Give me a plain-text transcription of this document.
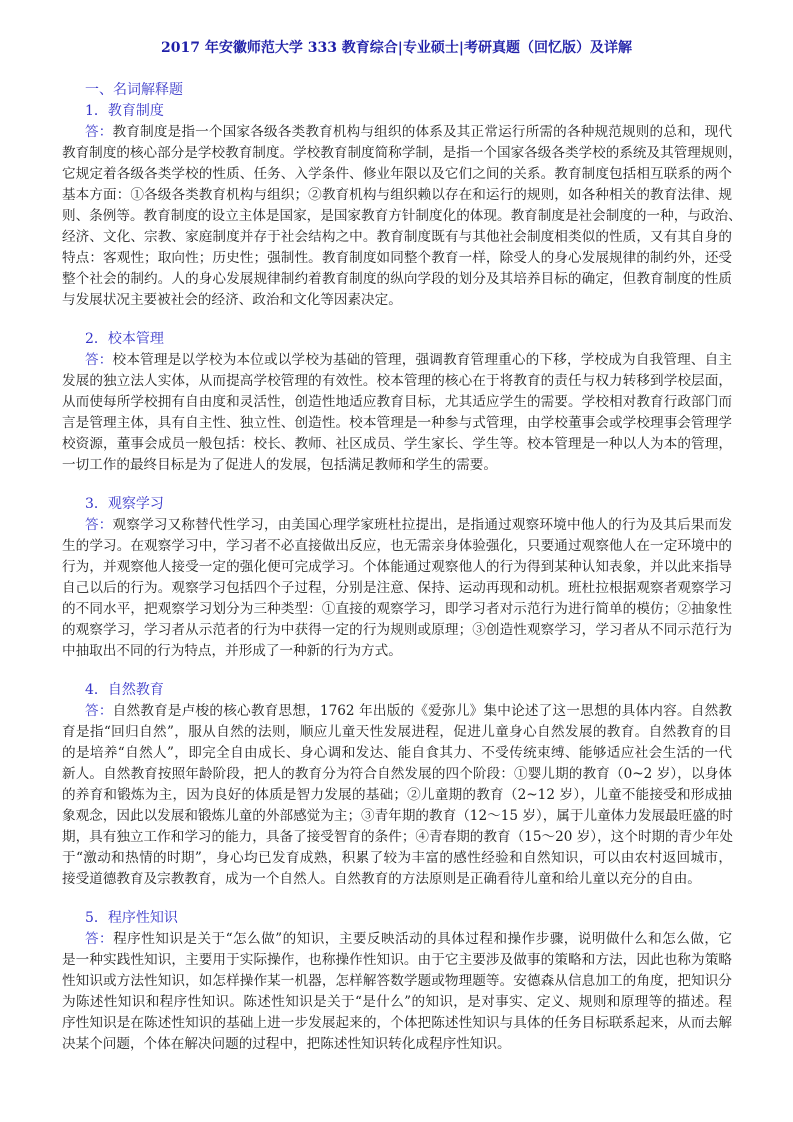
2017 年安徽师范大学 333 教育综合|专业硕士|考研真题（回忆版）及详解
一、名词解释题
1．教育制度
答：教育制度是指一个国家各级各类教育机构与组织的体系及其正常运行所需的各种规范规则的总和，现代
教育制度的核心部分是学校教育制度。学校教育制度简称学制，是指一个国家各级各类学校的系统及其管理规则，
它规定着各级各类学校的性质、任务、入学条件、修业年限以及它们之间的关系。教育制度包括相互联系的两个
基本方面：①各级各类教育机构与组织；②教育机构与组织赖以存在和运行的规则，如各种相关的教育法律、规
则、条例等。教育制度的设立主体是国家，是国家教育方针制度化的体现。教育制度是社会制度的一种，与政治、
经济、文化、宗教、家庭制度并存于社会结构之中。教育制度既有与其他社会制度相类似的性质，又有其自身的
特点：客观性；取向性；历史性；强制性。教育制度如同整个教育一样，除受人的身心发展规律的制约外，还受
整个社会的制约。人的身心发展规律制约着教育制度的纵向学段的划分及其培养目标的确定，但教育制度的性质
与发展状况主要被社会的经济、政治和文化等因素决定。
2．校本管理
答：校本管理是以学校为本位或以学校为基础的管理，强调教育管理重心的下移，学校成为自我管理、自主
发展的独立法人实体，从而提高学校管理的有效性。校本管理的核心在于将教育的责任与权力转移到学校层面，
从而使每所学校拥有自由度和灵活性，创造性地适应教育目标，尤其适应学生的需要。学校相对教育行政部门而
言是管理主体，具有自主性、独立性、创造性。校本管理是一种参与式管理，由学校董事会或学校理事会管理学
校资源，董事会成员一般包括：校长、教师、社区成员、学生家长、学生等。校本管理是一种以人为本的管理，
一切工作的最终目标是为了促进人的发展，包括满足教师和学生的需要。
3．观察学习
答：观察学习又称替代性学习，由美国心理学家班杜拉提出，是指通过观察环境中他人的行为及其后果而发
生的学习。在观察学习中，学习者不必直接做出反应，也无需亲身体验强化，只要通过观察他人在一定环境中的
行为，并观察他人接受一定的强化便可完成学习。个体能通过观察他人的行为得到某种认知表象，并以此来指导
自己以后的行为。观察学习包括四个子过程，分别是注意、保持、运动再现和动机。班杜拉根据观察者观察学习
的不同水平，把观察学习划分为三种类型：①直接的观察学习，即学习者对示范行为进行简单的模仿；②抽象性
的观察学习，学习者从示范者的行为中获得一定的行为规则或原理；③创造性观察学习，学习者从不同示范行为
中抽取出不同的行为特点，并形成了一种新的行为方式。
4．自然教育
答：自然教育是卢梭的核心教育思想，1762 年出版的《爱弥儿》集中论述了这一思想的具体内容。自然教
育是指“回归自然”，服从自然的法则，顺应儿童天性发展进程，促进儿童身心自然发展的教育。自然教育的目
的是培养“自然人”，即完全自由成长、身心调和发达、能自食其力、不受传统束缚、能够适应社会生活的一代
新人。自然教育按照年龄阶段，把人的教育分为符合自然发展的四个阶段：①婴儿期的教育（0~2 岁），以身体
的养育和锻炼为主，因为良好的体质是智力发展的基础；②儿童期的教育（2~12 岁），儿童不能接受和形成抽
象观念，因此以发展和锻炼儿童的外部感觉为主；③青年期的教育（12～15 岁），属于儿童体力发展最旺盛的时
期，具有独立工作和学习的能力，具备了接受智育的条件；④青春期的教育（15～20 岁），这个时期的青少年处
于“激动和热情的时期”，身心均已发育成熟，积累了较为丰富的感性经验和自然知识，可以由农村返回城市，
接受道德教育及宗教教育，成为一个自然人。自然教育的方法原则是正确看待儿童和给儿童以充分的自由。
5．程序性知识
答：程序性知识是关于“怎么做”的知识，主要反映活动的具体过程和操作步骤，说明做什么和怎么做，它
是一种实践性知识，主要用于实际操作，也称操作性知识。由于它主要涉及做事的策略和方法，因此也称为策略
性知识或方法性知识，如怎样操作某一机器，怎样解答数学题或物理题等。安德森从信息加工的角度，把知识分
为陈述性知识和程序性知识。陈述性知识是关于“是什么”的知识，是对事实、定义、规则和原理等的描述。程
序性知识是在陈述性知识的基础上进一步发展起来的，个体把陈述性知识与具体的任务目标联系起来，从而去解
决某个问题，个体在解决问题的过程中，把陈述性知识转化成程序性知识。
